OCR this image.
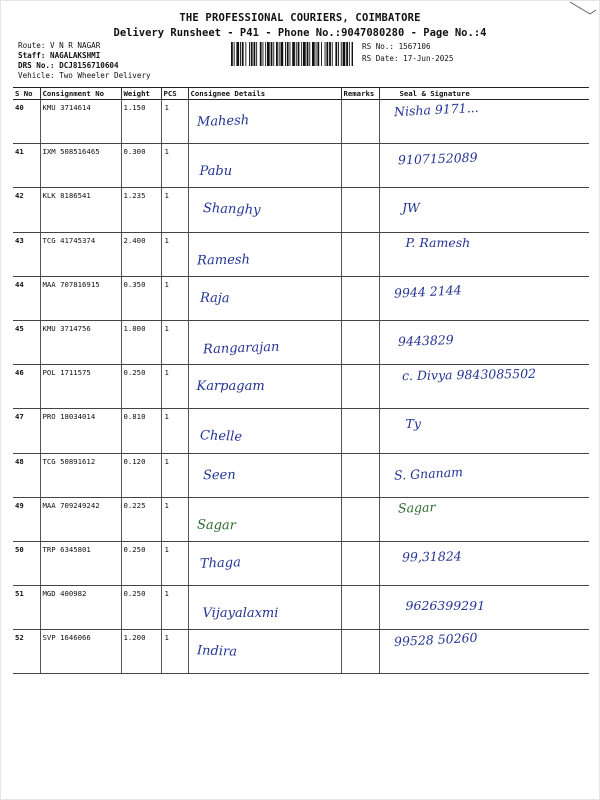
THE PROFESSIONAL COURIERS, COIMBATORE
Delivery Runsheet - P41 - Phone No.:9047080280 - Page No.:4
Route: V N R NAGAR
Staff: NAGALAKSHMI
DRS No.: DCJ8156710604
Vehicle: Two Wheeler Delivery
RS No.: 1567106
RS Date: 17-Jun-2025
S No	Consignment No	Weight	PCS	Consignee Details	Remarks	Seal & Signature
40	KMU 3714614	1.150	1	Mahesh		Nisha 9171...

41	IXM 508516465	0.300	1	Pabu		9107152089

42	KLK 8186541	1.235	1	Shanghy		JW

43	TCG 41745374	2.400	1	Ramesh		P. Ramesh

44	MAA 707816915	0.350	1	Raja		9944 2144

45	KMU 3714756	1.000	1	Rangarajan		9443829

46	POL 1711575	0.250	1	Karpagam		c. Divya 9843085502

47	PRO 18034014	0.810	1	Chelle		Ty

48	TCG 50891612	0.120	1	Seen		S. Gnanam

49	MAA 709249242	0.225	1	Sagar		Sagar

50	TRP 6345801	0.250	1	Thaga		99,31824

51	MGD 400982	0.250	1	Vijayalaxmi		9626399291

52	SVP 1646066	1.200	1	Indira		99528 50260
